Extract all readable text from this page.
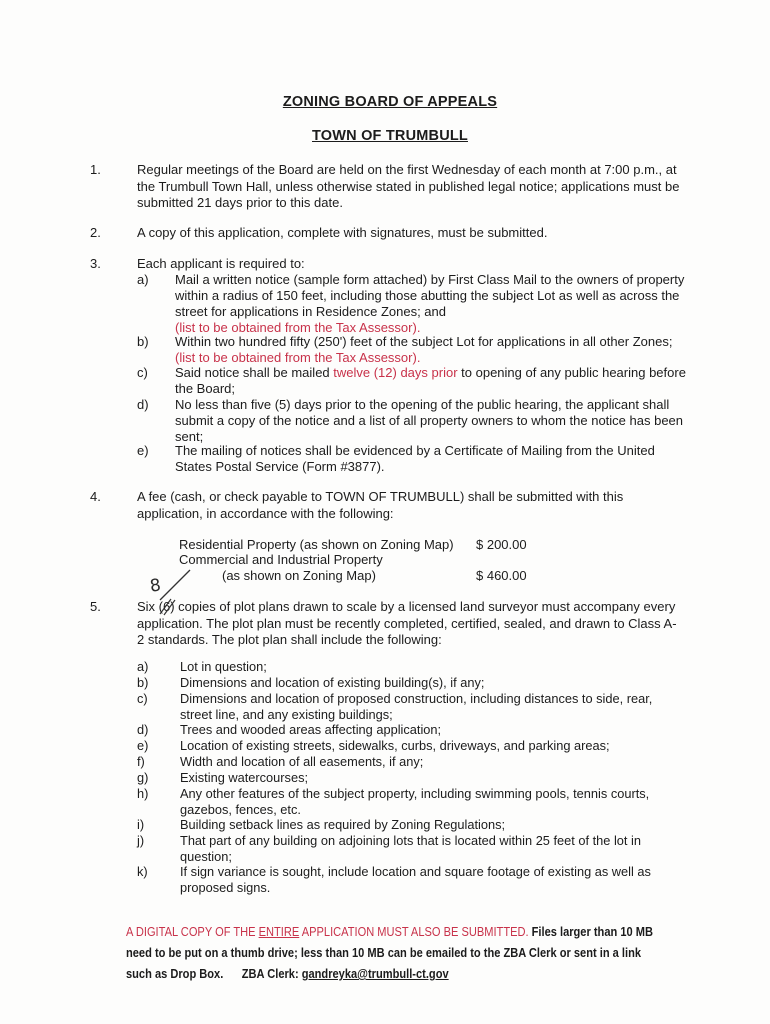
ZONING BOARD OF APPEALS
TOWN OF TRUMBULL
1.	Regular meetings of the Board are held on the first Wednesday of each month at 7:00 p.m., at the Trumbull Town Hall, unless otherwise stated in published legal notice; applications must be submitted 21 days prior to this date.
2.	A copy of this application, complete with signatures, must be submitted.
3.	Each applicant is required to:
a) Mail a written notice (sample form attached) by First Class Mail to the owners of property within a radius of 150 feet, including those abutting the subject Lot as well as across the street for applications in Residence Zones; and
(list to be obtained from the Tax Assessor).
b) Within two hundred fifty (250') feet of the subject Lot for applications in all other Zones;
(list to be obtained from the Tax Assessor).
c) Said notice shall be mailed twelve (12) days prior to opening of any public hearing before the Board;
d) No less than five (5) days prior to the opening of the public hearing, the applicant shall submit a copy of the notice and a list of all property owners to whom the notice has been sent;
e) The mailing of notices shall be evidenced by a Certificate of Mailing from the United States Postal Service (Form #3877).
4.	A fee (cash, or check payable to TOWN OF TRUMBULL) shall be submitted with this application, in accordance with the following:
Residential Property (as shown on Zoning Map) $ 200.00
Commercial and Industrial Property
(as shown on Zoning Map)	$ 460.00
8
5.	Six (6)
copies of plot plans drawn to scale by a licensed land surveyor must accompany every application. The plot plan must be recently completed, certified, sealed, and drawn to Class A-2 standards. The plot plan shall include the following:
a) Lot in question;
b) Dimensions and location of existing building(s), if any;
c)	Dimensions and location of proposed construction, including distances to side, rear, street line, and any existing buildings;
d) Trees and wooded areas affecting application;
e) Location of existing streets, sidewalks, curbs, driveways, and parking areas;
f)	Width and location of all easements, if any;
g) Existing watercourses;
h) Any other features of the subject property, including swimming pools, tennis courts, gazebos, fences, etc.
i)	Building setback lines as required by Zoning Regulations;
j)	That part of any building on adjoining lots that is located within 25 feet of the lot in question;
k)	If sign variance is sought, include location and square footage of existing as well as proposed signs.
A DIGITAL COPY OF THE ENTIRE APPLICATION MUST ALSO BE SUBMITTED. Files larger than 10 MB need to be put on a thumb drive; less than 10 MB can be emailed to the ZBA Clerk or sent in a link such as Drop Box. ZBA Clerk: gandreyka@trumbull-ct.gov
